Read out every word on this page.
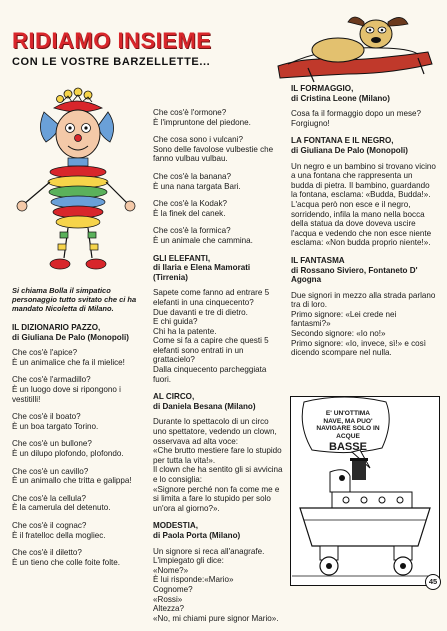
RIDIAMO INSIEME
CON LE VOSTRE BARZELLETTE...
Si chiama Bolla il simpatico personaggio tutto svitato che ci ha mandato Nicoletta di Milano.
IL DIZIONARIO PAZZO,
di Giuliana De Palo (Monopoli)

Che cos'è l'apice?

È un animalice che fa il mielice!

Che cos'è l'armadillo?

È un luogo dove si ripongono i vestitilli!

Che cos'è il boato?

È un boa targato Torino.

Che cos'è un bullone?

È un dilupo plofondo, plofondo.

Che cos'è un cavillo?

È un animallo che tritta e galippa!

Che cos'è la cellula?

È la camerula del detenuto.

Che cos'è il cognac?

È il fratelloc della mogliec.

Che cos'è il diletto?

È un tieno che colle foite folte.

Che cos'è l'ormone?

È l'impruntone del piedone.

Che cosa sono i vulcani?

Sono delle favolose vulbestie che fanno vulbau vulbau.

Che cos'è la banana?

È una nana targata Bari.

Che cos'è la Kodak?

È la finek del canek.

Che cos'è la formica?

È un animale che cammina.

GLI ELEFANTI,
di Ilaria e Elena Mamorati (Tirrenia)

Sapete come fanno ad entrare 5 elefanti in una cinquecento?

Due davanti e tre di dietro.

E chi guida?

Chi ha la patente.

Come si fa a capire che questi 5 elefanti sono entrati in un grattacielo?

Dalla cinquecento parcheggiata fuori.

AL CIRCO,
di Daniela Besana (Milano)

Durante lo spettacolo di un circo uno spettatore, vedendo un clown, osservava ad alta voce:

«Che brutto mestiere fare lo stupido per tutta la vita!».

Il clown che ha sentito gli si avvicina e lo consiglia:

«Signore perché non fa come me e si limita a fare lo stupido per solo un'ora al giorno?».

MODESTIA,
di Paola Porta (Milano)

Un signore si reca all'anagrafe.

L'impiegato gli dice:

«Nome?»

È lui risponde:«Mario»

Cognome?

«Rossi»

Altezza?

«No, mi chiami pure signor Mario».

IL FORMAGGIO,
di Cristina Leone (Milano)

Cosa fa il formaggio dopo un mese?

Forgiugno!

LA FONTANA E IL NEGRO,
di Giuliana De Palo (Monopoli)
Un negro e un bambino si trovano vicino a una fontana che rappresenta un budda di pietra. Il bambino, guardando la fontana, esclama: «Budda, Budda!». L'acqua però non esce e il negro, sorridendo, infila la mano nella bocca della statua da dove doveva uscire l'acqua e vedendo che non esce niente esclama: «Non budda proprio niente!».
IL FANTASMA
di Rossano Siviero, Fontaneto D' Agogna

Due signori in mezzo alla strada parlano tra di loro.

Primo signore: «Lei crede nei fantasmi?»

Secondo signore: «Io no!»

Primo signore: «Io, invece, sì!» e così dicendo scompare nel nulla.

E' UN'OTTIMA NAVE, MA PUO' NAVIGARE SOLO IN ACQUE
BASSE
45
